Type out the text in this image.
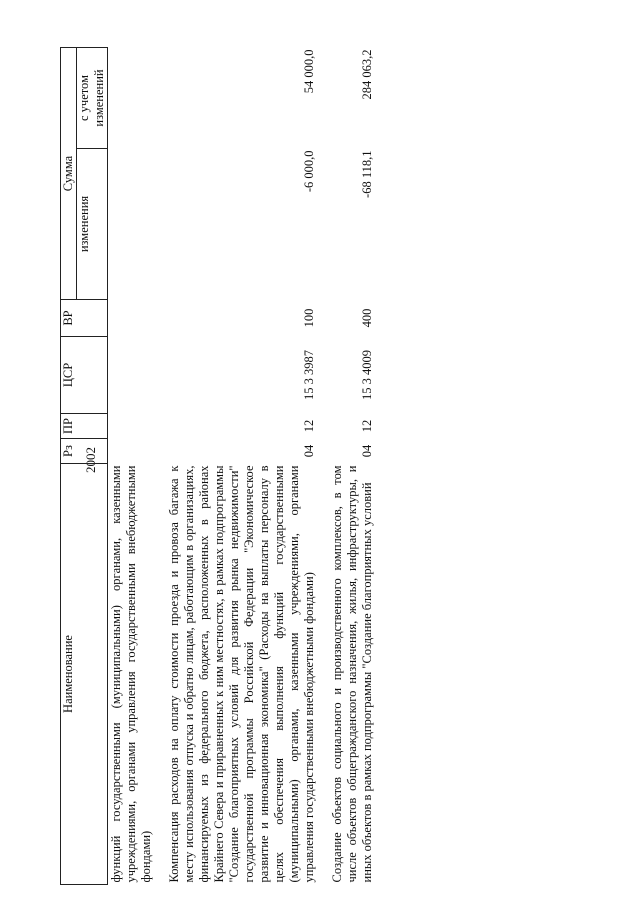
2002
Наименование	Рз	ПР	ЦСР	ВР	Сумма	
					изменения	с учетом изменений
функций государственными (муниципальными) органами, казенными учреждениями, органами управления государственными внебюджетными фондами)						
Компенсация расходов на оплату стоимости проезда и провоза багажа к месту использования отпуска и обратно лицам, работающим в организациях, финансируемых из федерального бюджета, расположенных в районах Крайнего Севера и приравненных к ним местностях, в рамках подпрограммы "Создание благоприятных условий для развития рынка недвижимости" государственной программы Российской Федерации "Экономическое развитие и инновационная экономика" (Расходы на выплаты персоналу в целях обеспечения выполнения функций государственными (муниципальными) органами, казенными учреждениями, органами управления государственными внебюджетными фондами)	04	12	15 3 3987	100	-6 000,0	54 000,0
Создание объектов социального и производственного комплексов, в том числе объектов общегражданского назначения, жилья, инфраструктуры, и иных объектов в рамках подпрограммы "Создание благоприятных условий	04	12	15 3 4009	400	-68 118,1	284 063,2
